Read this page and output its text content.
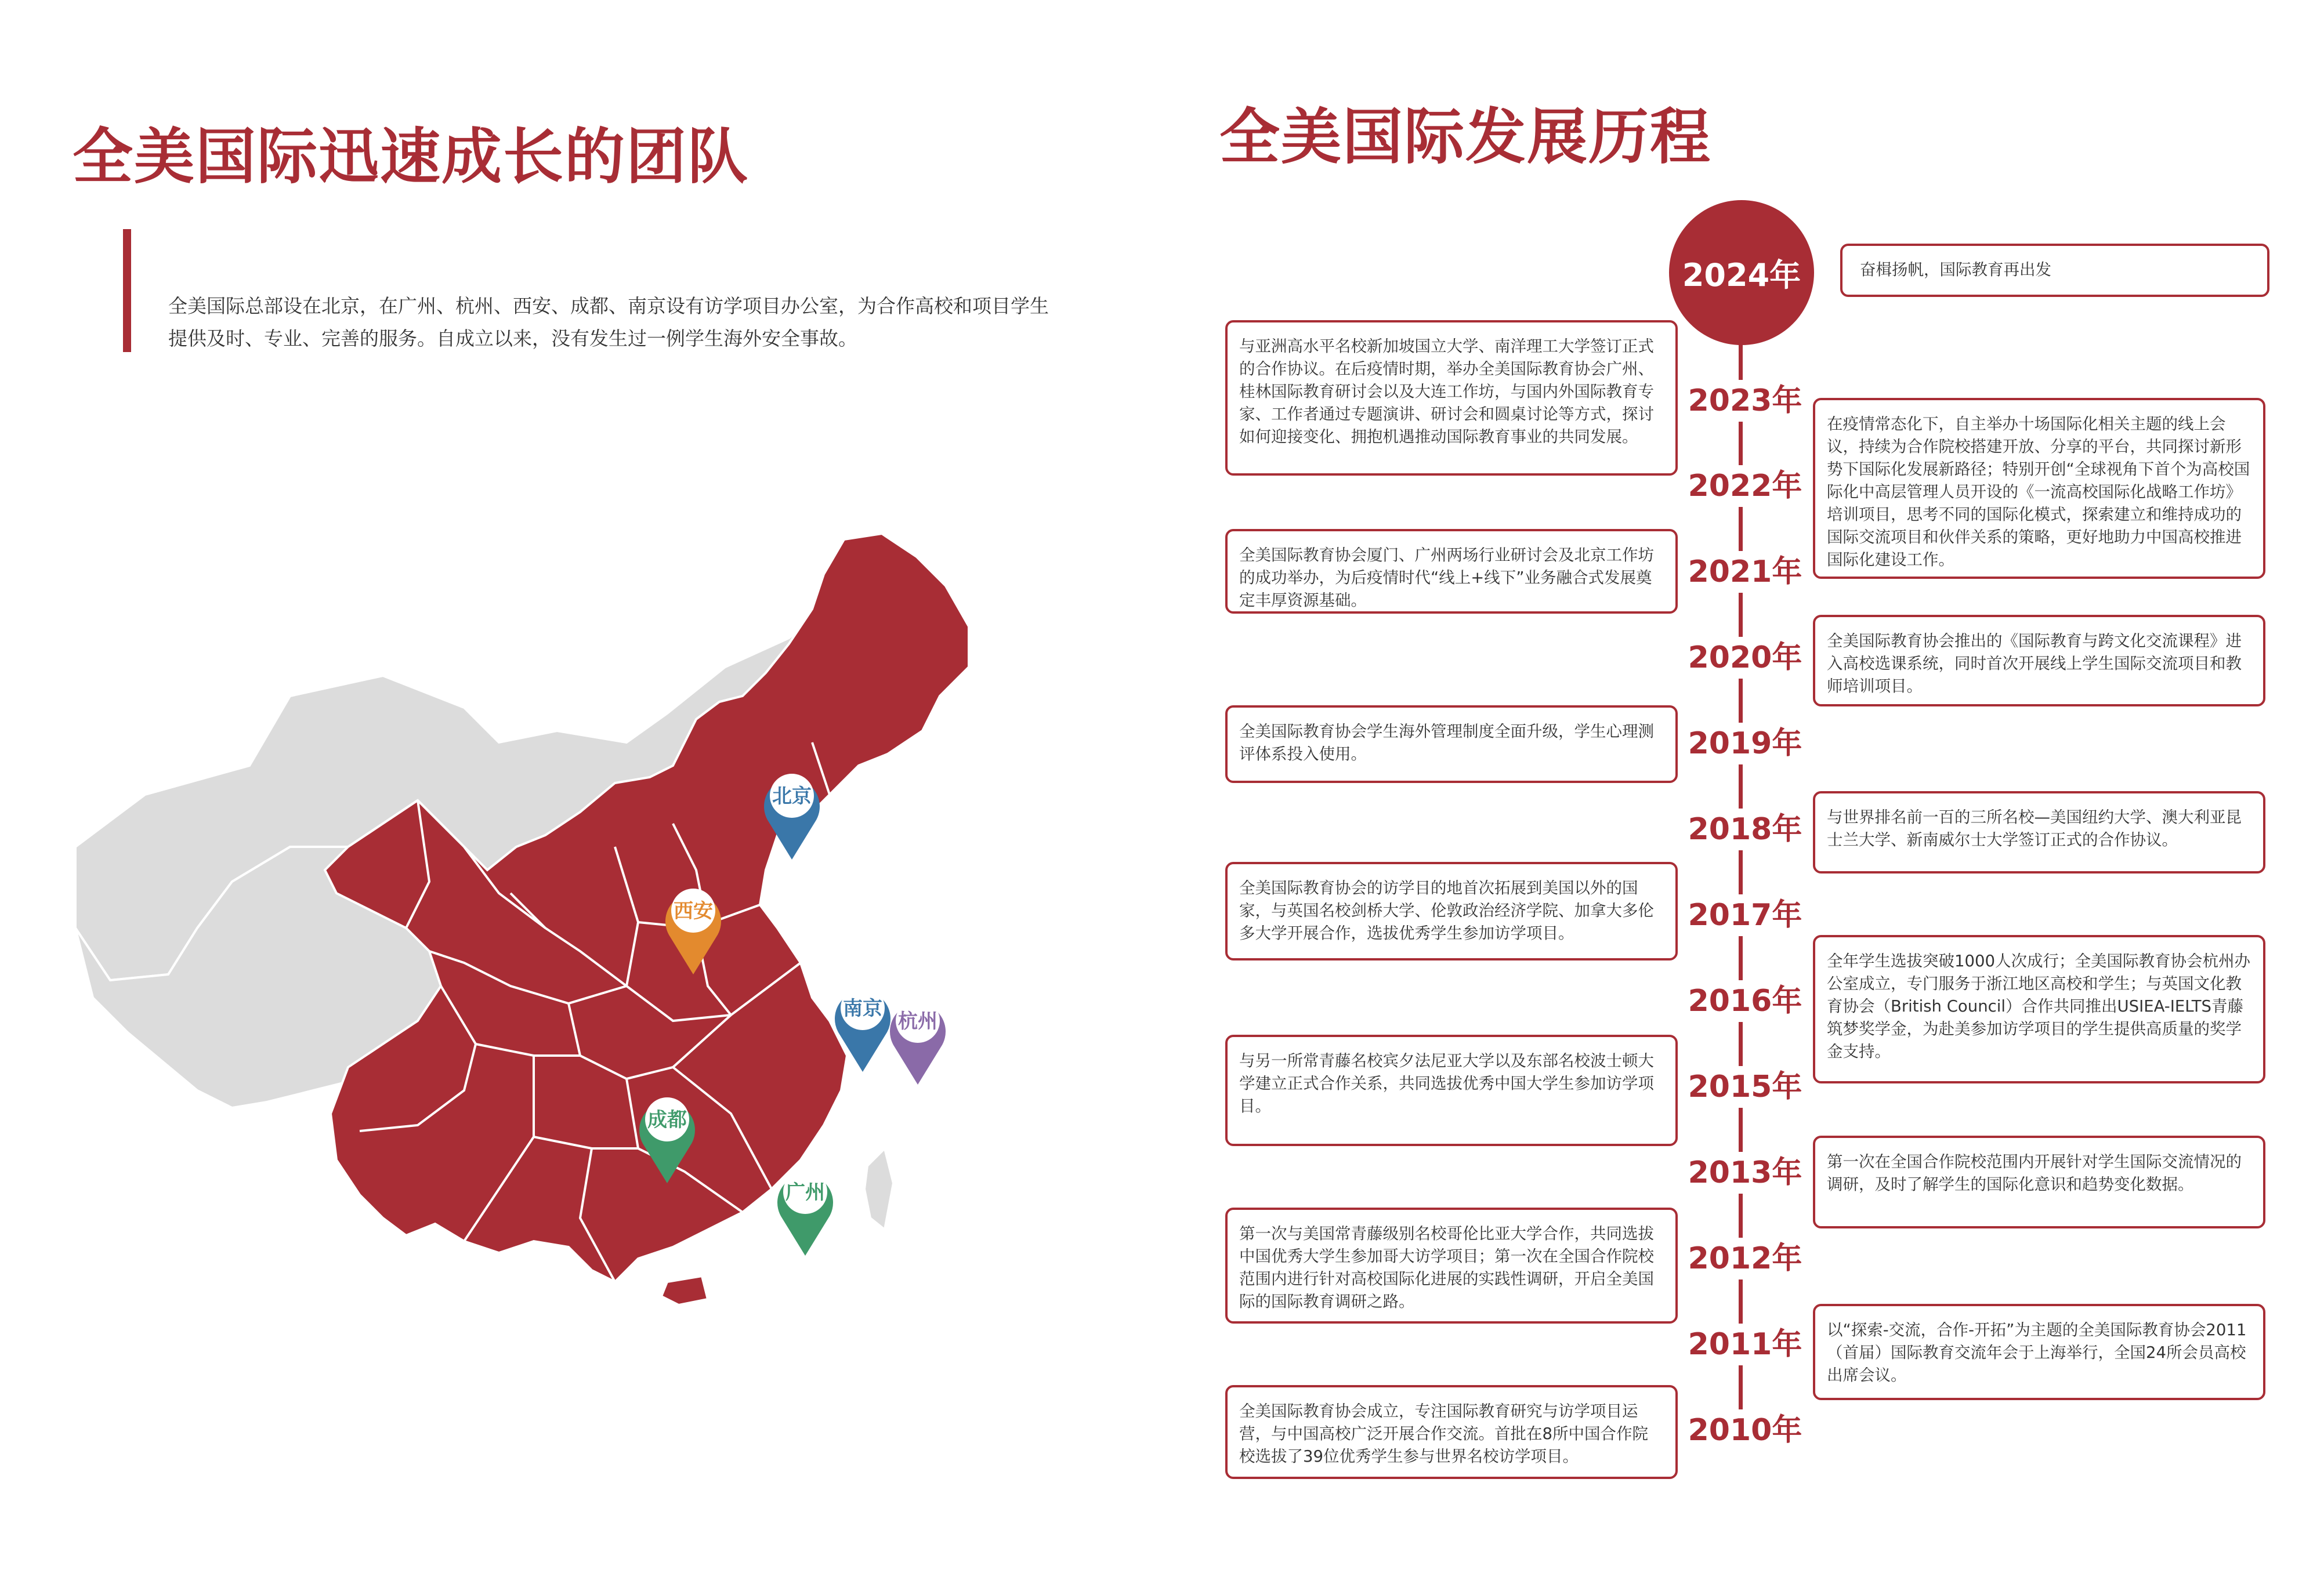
全美国际迅速成长的团队
全美国际总部设在北京，在广州、杭州、西安、成都、南京设有访学项目办公室，为合作高校和项目学生提供及时、专业、完善的服务。自成立以来，没有发生过一例学生海外安全事故。
北京
西安
南京
杭州
成都
广州
全美国际发展历程
2024年	奋楫扬帆，国际教育再出发

2023年
2022年
2021年
2020年
2019年
2018年
2017年
2016年
2015年
2013年
2012年
2011年
2010年

与亚洲高水平名校新加坡国立大学、南洋理工大学签订正式的合作协议。在后疫情时期，举办全美国际教育协会广州、桂林国际教育研讨会以及大连工作坊，与国内外国际教育专家、工作者通过专题演讲、研讨会和圆桌讨论等方式，探讨如何迎接变化、拥抱机遇推动国际教育事业的共同发展。

在疫情常态化下，自主举办十场国际化相关主题的线上会议，持续为合作院校搭建开放、分享的平台，共同探讨新形势下国际化发展新路径；特别开创“全球视角下首个为高校国际化中高层管理人员开设的《一流高校国际化战略工作坊》培训项目，思考不同的国际化模式，探索建立和维持成功的国际交流项目和伙伴关系的策略，更好地助力中国高校推进国际化建设工作。

全美国际教育协会厦门、广州两场行业研讨会及北京工作坊的成功举办，为后疫情时代“线上+线下”业务融合式发展奠定丰厚资源基础。

全美国际教育协会推出的《国际教育与跨文化交流课程》进入高校选课系统，同时首次开展线上学生国际交流项目和教师培训项目。

全美国际教育协会学生海外管理制度全面升级，学生心理测评体系投入使用。

与世界排名前一百的三所名校—美国纽约大学、澳大利亚昆士兰大学、新南威尔士大学签订正式的合作协议。

全美国际教育协会的访学目的地首次拓展到美国以外的国家，与英国名校剑桥大学、伦敦政治经济学院、加拿大多伦多大学开展合作，选拔优秀学生参加访学项目。

全年学生选拔突破1000人次成行；全美国际教育协会杭州办公室成立，专门服务于浙江地区高校和学生；与英国文化教育协会（British Council）合作共同推出USIEA-IELTS青藤筑梦奖学金，为赴美参加访学项目的学生提供高质量的奖学金支持。

与另一所常青藤名校宾夕法尼亚大学以及东部名校波士顿大学建立正式合作关系，共同选拔优秀中国大学生参加访学项目。

第一次在全国合作院校范围内开展针对学生国际交流情况的调研，及时了解学生的国际化意识和趋势变化数据。

第一次与美国常青藤级别名校哥伦比亚大学合作，共同选拔中国优秀大学生参加哥大访学项目；第一次在全国合作院校范围内进行针对高校国际化进展的实践性调研，开启全美国际的国际教育调研之路。

以“探索-交流，合作-开拓”为主题的全美国际教育协会2011（首届）国际教育交流年会于上海举行，全国24所会员高校出席会议。

全美国际教育协会成立，专注国际教育研究与访学项目运营，与中国高校广泛开展合作交流。首批在8所中国合作院校选拔了39位优秀学生参与世界名校访学项目。
